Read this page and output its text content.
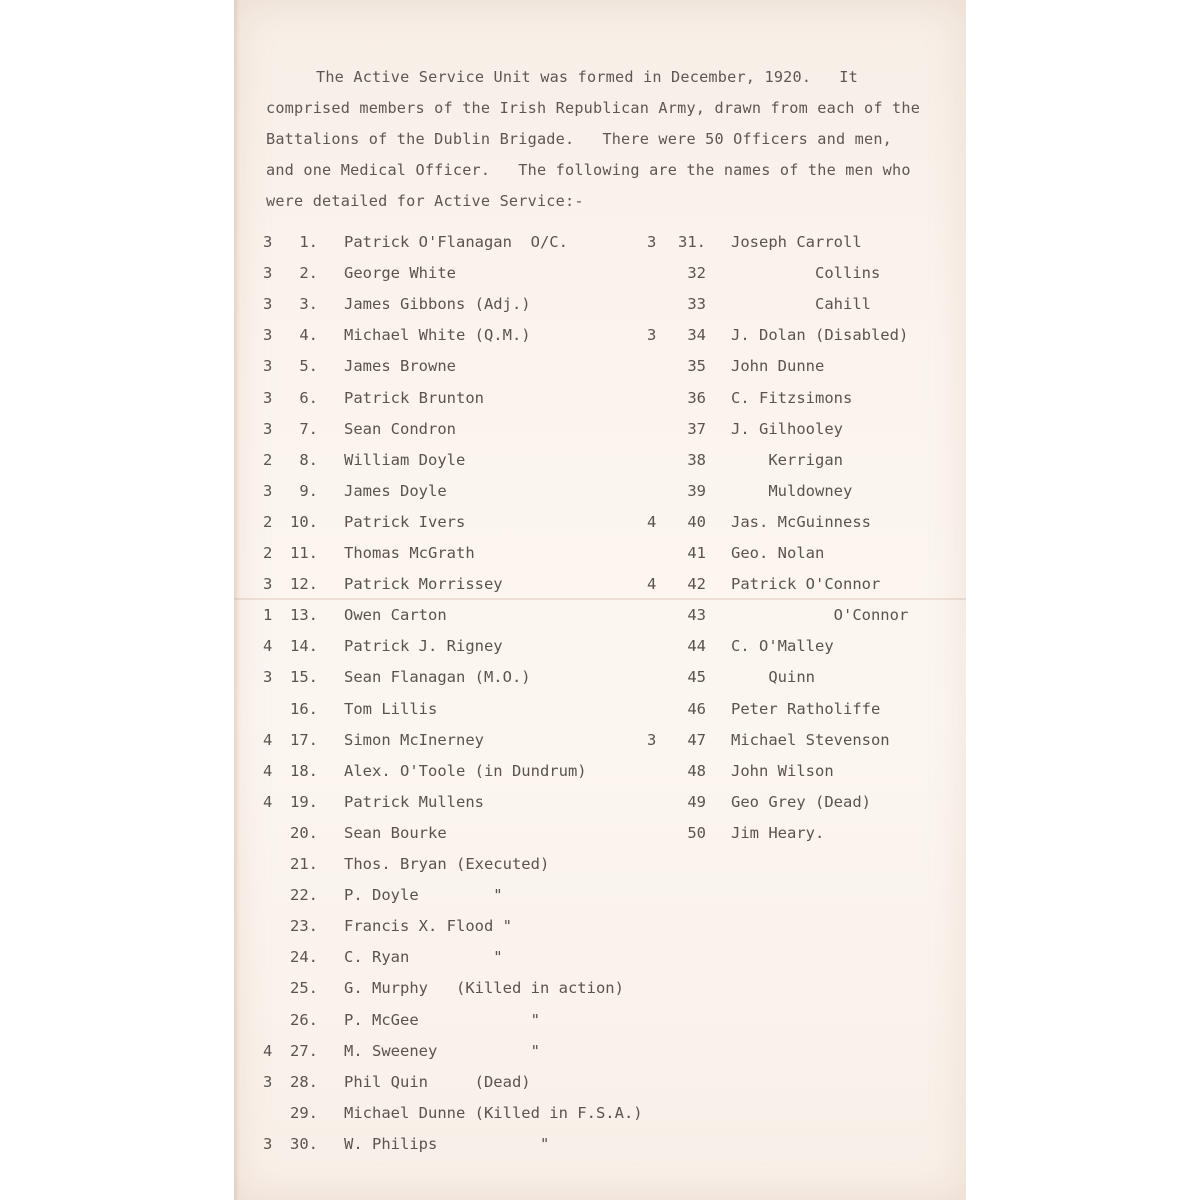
The Active Service Unit was formed in December, 1920.   It
comprised members of the Irish Republican Army, drawn from each of the
Battalions of the Dublin Brigade.   There were 50 Officers and men,
and one Medical Officer.   The following are the names of the men who
were detailed for Active Service:-
3	1. Patrick O'Flanagan  O/C.
3	2. George White
3	3. James Gibbons (Adj.)
3	4. Michael White (Q.M.)
3	5. James Browne
3	6. Patrick Brunton
3	7. Sean Condron
2	8. William Doyle
3	9. James Doyle
2	10. Patrick Ivers
2	11. Thomas McGrath
3	12. Patrick Morrissey
1	13. Owen Carton
4	14. Patrick J. Rigney
3	15. Sean Flanagan (M.O.)
16. Tom Lillis
4	17. Simon McInerney
4	18. Alex. O'Toole (in Dundrum)
4	19. Patrick Mullens
20. Sean Bourke
21. Thos. Bryan (Executed)
22. P. Doyle        "
23. Francis X. Flood "
24. C. Ryan         "
25. G. Murphy   (Killed in action)
26. P. McGee            "
4	27. M. Sweeney          "
3	28. Phil Quin     (Dead)
29. Michael Dunne (Killed in F.S.A.)
3	30. W. Philips           "
3	31. Joseph Carroll
32 Collins
33 Cahill
3	34 J. Dolan (Disabled)
35 John Dunne
36 C. Fitzsimons
37 J. Gilhooley
38 Kerrigan
39 Muldowney
4	40 Jas. McGuinness
41 Geo. Nolan
4	42 Patrick O'Connor
43 O'Connor
44 C. O'Malley
45 Quinn
46 Peter Ratholiffe
3	47 Michael Stevenson
48 John Wilson
49 Geo Grey (Dead)
50 Jim Heary.
